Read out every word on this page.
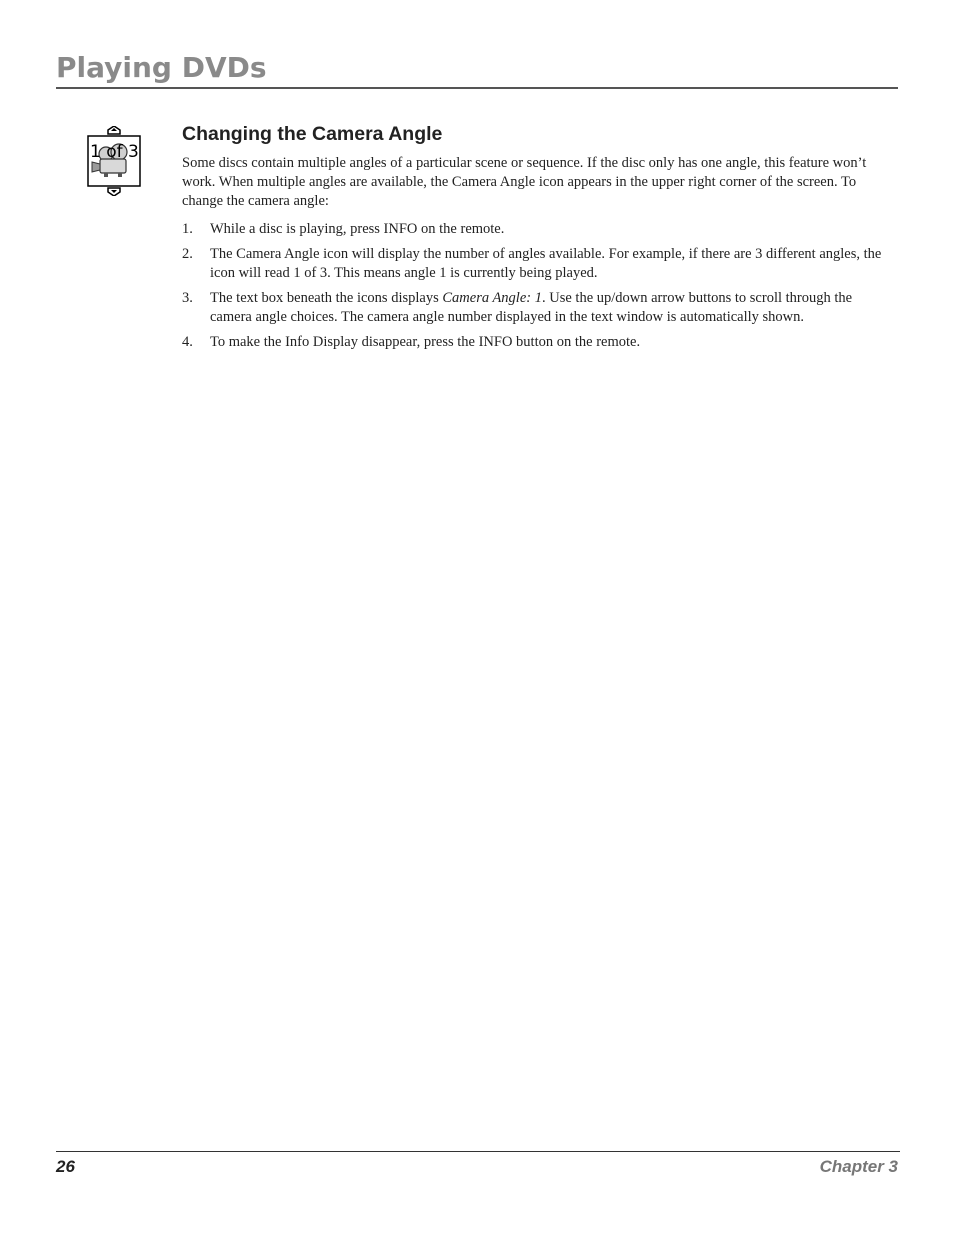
Playing DVDs
1 of 3
Changing the Camera Angle

Some discs contain multiple angles of a particular scene or sequence. If the disc only has one angle, this feature won’t work. When multiple angles are available, the Camera Angle icon appears in the upper right corner of the screen. To change the camera angle:

1. While a disc is playing, press INFO on the remote.
2. The Camera Angle icon will display the number of angles available. For example, if there are 3 different angles, the icon will read 1 of 3. This means angle 1 is currently being played.
3. The text box beneath the icons displays Camera Angle: 1. Use the up/down arrow buttons to scroll through the camera angle choices. The camera angle number displayed in the text window is automatically shown.
4. To make the Info Display disappear, press the INFO button on the remote.
26	Chapter 3
